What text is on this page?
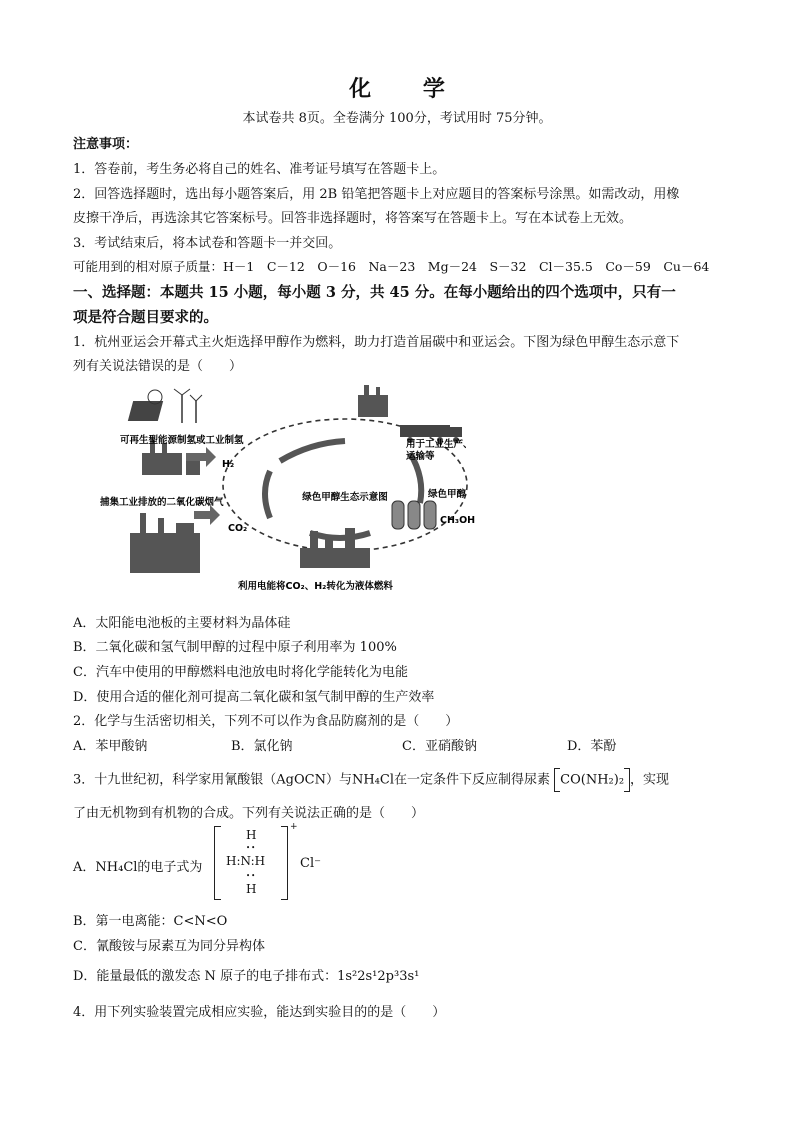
化 学
本试卷共 8页。全卷满分 100分，考试用时 75分钟。
注意事项：
1．答卷前，考生务必将自己的姓名、准考证号填写在答题卡上。
2．回答选择题时，选出每小题答案后，用 2B 铅笔把答题卡上对应题目的答案标号涂黑。如需改动，用橡
皮擦干净后，再选涂其它答案标号。回答非选择题时，将答案写在答题卡上。写在本试卷上无效。
3．考试结束后，将本试卷和答题卡一并交回。
可能用到的相对原子质量：H－1　C－12　O－16　Na－23　Mg－24　S－32　Cl－35.5　Co－59　Cu－64
一、选择题：本题共 15 小题，每小题 3 分，共 45 分。在每小题给出的四个选项中，只有一
项是符合题目要求的。
1．杭州亚运会开幕式主火炬选择甲醇作为燃料，助力打造首届碳中和亚运会。下图为绿色甲醇生态示意下
列有关说法错误的是（　　）
绿色甲醇生态示意图
可再生型能源制氢或工业制氢
H₂
捕集工业排放的二氧化碳烟气
CO₂
用于工业生产、
运输等
绿色甲醇
CH₃OH
利用电能将CO₂、H₂转化为液体燃料
A．太阳能电池板的主要材料为晶体硅
B．二氧化碳和氢气制甲醇的过程中原子利用率为 100%
C．汽车中使用的甲醇燃料电池放电时将化学能转化为电能
D．使用合适的催化剂可提高二氧化碳和氢气制甲醇的生产效率
2．化学与生活密切相关，下列不可以作为食品防腐剂的是（　　）
A．苯甲酸钠	B．氯化钠	C．亚硝酸钠	D．苯酚
3．十九世纪初，科学家用氰酸银（AgOCN）与NH₄Cl在一定条件下反应制得尿素 CO(NH₂)₂ ，实现
了由无机物到有机物的合成。下列有关说法正确的是（　　）
A．NH₄Cl的电子式为
H
••
H:N:H
••
H
+
Cl⁻
B．第一电离能：C<N<O
C．氰酸铵与尿素互为同分异构体
D．能量最低的激发态 N 原子的电子排布式：1s²2s¹2p³3s¹
4．用下列实验装置完成相应实验，能达到实验目的的是（　　）
